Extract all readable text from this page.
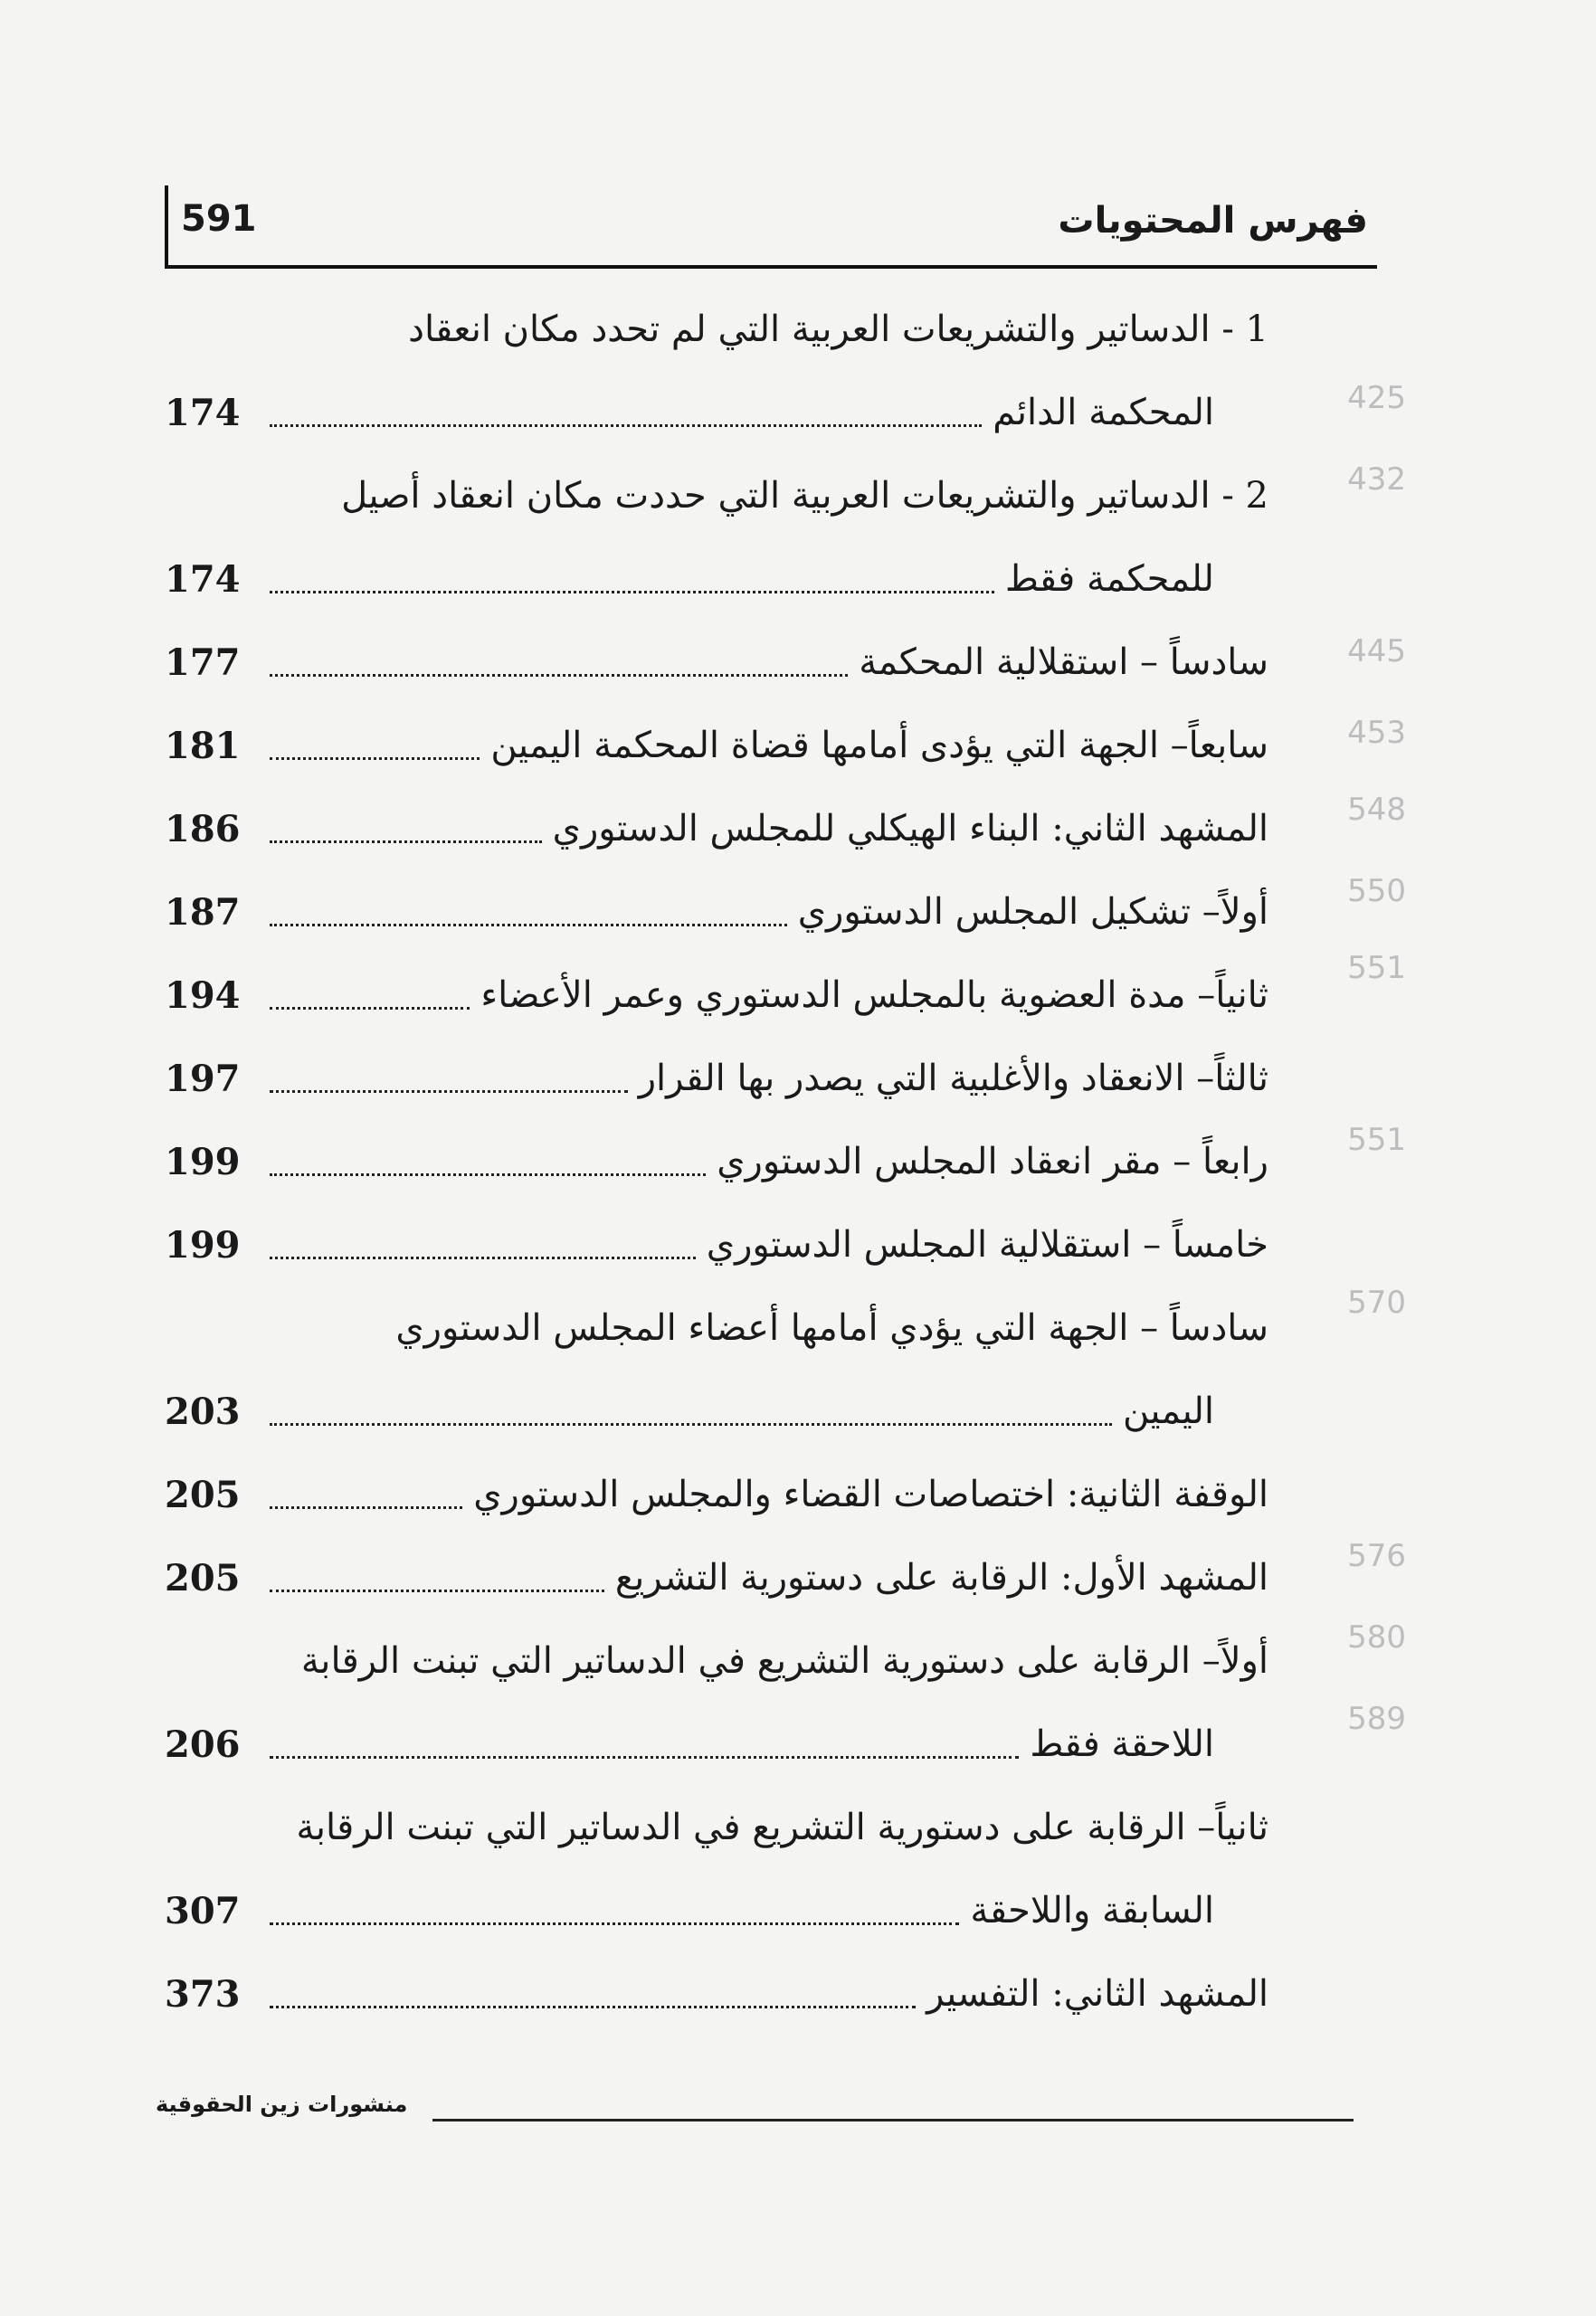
591	فهرس المحتويات
425
432
445
453
548
550
551
551
570
576
580
589
1 - الدساتير والتشريعات العربية التي لم تحدد مكان انعقاد
المحكمة الدائم
174
2 - الدساتير والتشريعات العربية التي حددت مكان انعقاد أصيل
للمحكمة فقط
174
سادساً – استقلالية المحكمة
177
سابعاً– الجهة التي يؤدى أمامها قضاة المحكمة اليمين
181
المشهد الثاني: البناء الهيكلي للمجلس الدستوري
186
أولاً– تشكيل المجلس الدستوري
187
ثانياً– مدة العضوية بالمجلس الدستوري وعمر الأعضاء
194
ثالثاً– الانعقاد والأغلبية التي يصدر بها القرار
197
رابعاً – مقر انعقاد المجلس الدستوري
199
خامساً – استقلالية المجلس الدستوري
199
سادساً – الجهة التي يؤدي أمامها أعضاء المجلس الدستوري
اليمين
203
الوقفة الثانية: اختصاصات القضاء والمجلس الدستوري
205
المشهد الأول: الرقابة على دستورية التشريع
205
أولاً– الرقابة على دستورية التشريع في الدساتير التي تبنت الرقابة
اللاحقة فقط
206
ثانياً– الرقابة على دستورية التشريع في الدساتير التي تبنت الرقابة
السابقة واللاحقة
307
المشهد الثاني: التفسير
373
منشورات زين الحقوقية
